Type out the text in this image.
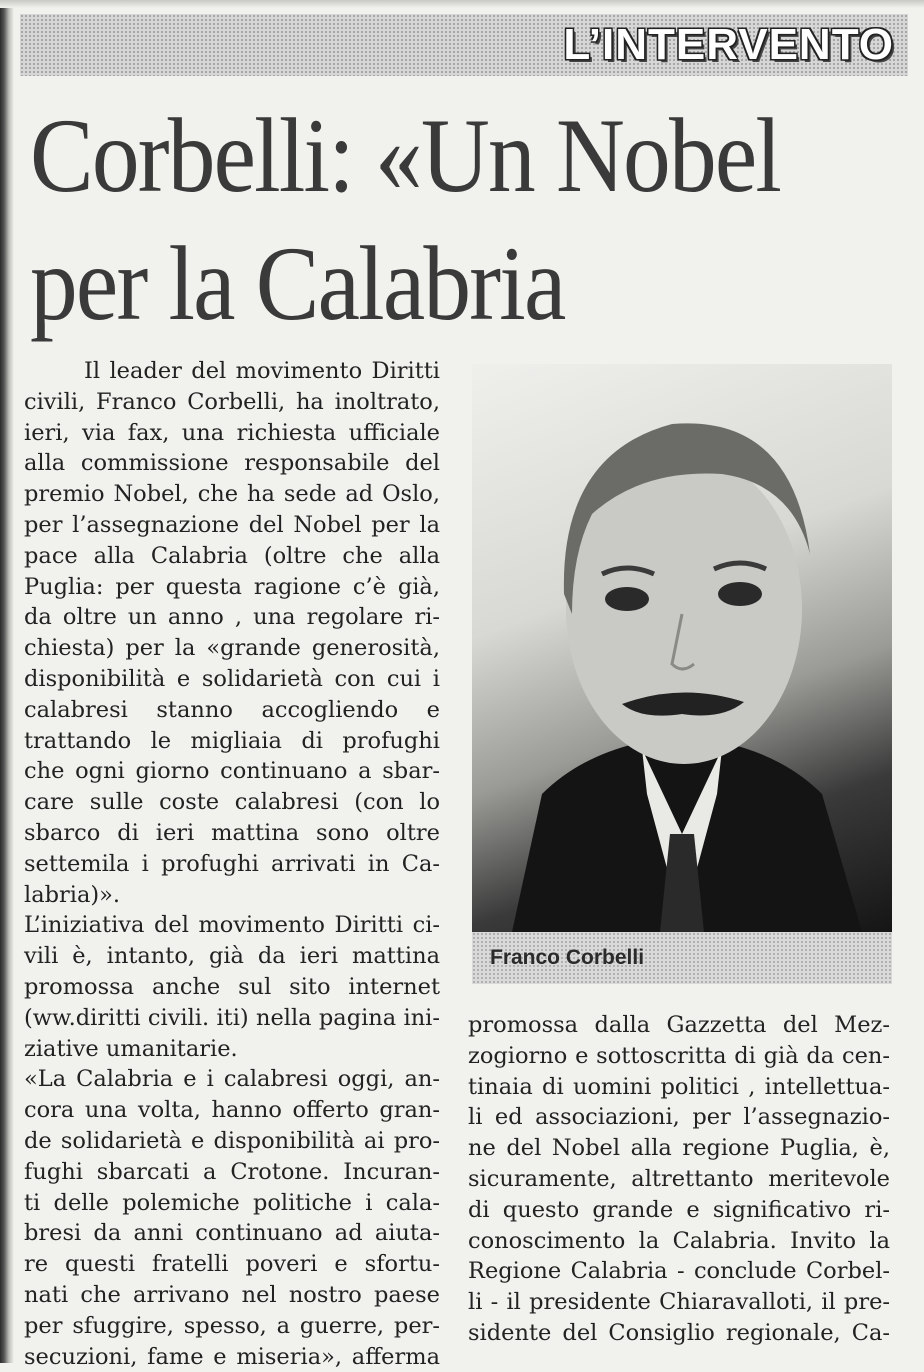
L’INTERVENTO
Corbelli: «Un Nobel
per la Calabria
Il leader del movimento Diritti
civili, Franco Corbelli, ha inoltrato,
ieri, via fax, una richiesta ufficiale
alla commissione responsabile del
premio Nobel, che ha sede ad Oslo,
per l’assegnazione del Nobel per la
pace alla Calabria (oltre che alla
Puglia: per questa ragione c’è già,
da oltre un anno , una regolare ri-
chiesta) per la «grande generosità,
disponibilità e solidarietà con cui i
calabresi stanno accogliendo e
trattando le migliaia di profughi
che ogni giorno continuano a sbar-
care sulle coste calabresi (con lo
sbarco di ieri mattina sono oltre
settemila i profughi arrivati in Ca-
labria)».
L’iniziativa del movimento Diritti ci-
vili è, intanto, già da ieri mattina
promossa anche sul sito internet
(ww.diritti civili. iti) nella pagina ini-
ziative umanitarie.
«La Calabria e i calabresi oggi, an-
cora una volta, hanno offerto gran-
de solidarietà e disponibilità ai pro-
fughi sbarcati a Crotone. Incuran-
ti delle polemiche politiche i cala-
bresi da anni continuano ad aiuta-
re questi fratelli poveri e sfortu-
nati che arrivano nel nostro paese
per sfuggire, spesso, a guerre, per-
secuzioni, fame e miseria», afferma
Franco Corbelli
promossa dalla Gazzetta del Mez-
zogiorno e sottoscritta di già da cen-
tinaia di uomini politici , intellettua-
li ed associazioni, per l’assegnazio-
ne del Nobel alla regione Puglia, è,
sicuramente, altrettanto meritevole
di questo grande e significativo ri-
conoscimento la Calabria. Invito la
Regione Calabria - conclude Corbel-
li - il presidente Chiaravalloti, il pre-
sidente del Consiglio regionale, Ca-
